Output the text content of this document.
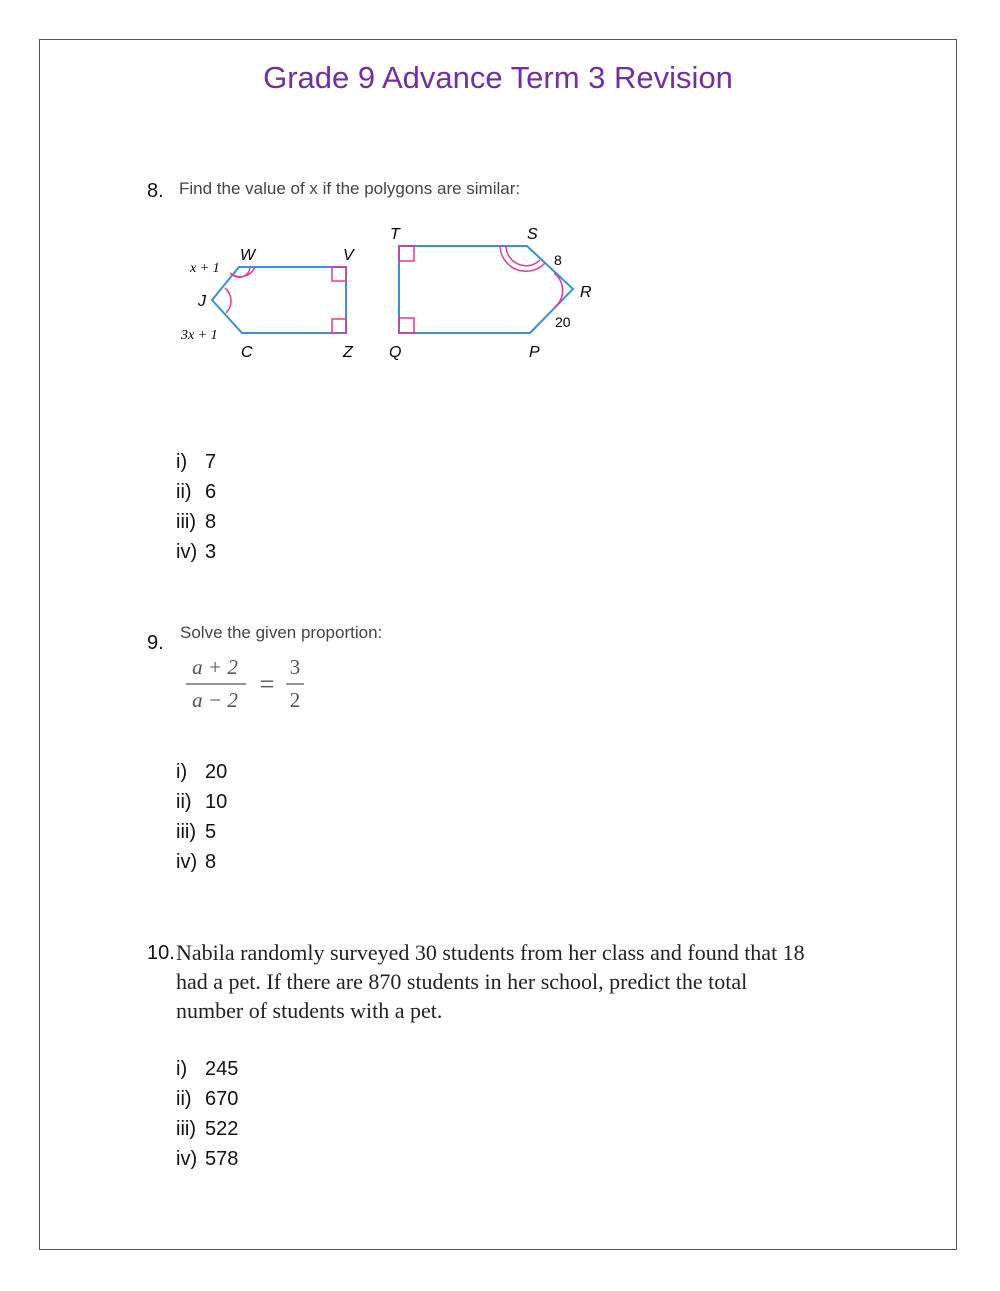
Grade 9 Advance Term 3 Revision
8. Find the value of x if the polygons are similar:
W	V
Z
C
J
x + 1
3x + 1
T	S
R
P
Q
8
20
i) 7
ii) 6
iii) 8
iv) 3
9. Solve the given proportion:
a + 2
a − 2
=
3
2
i) 20
ii) 10
iii) 5
iv) 8
10. Nabila randomly surveyed 30 students from her class and found that 18
had a pet. If there are 870 students in her school, predict the total
number of students with a pet.
i) 245
ii) 670
iii) 522
iv) 578
